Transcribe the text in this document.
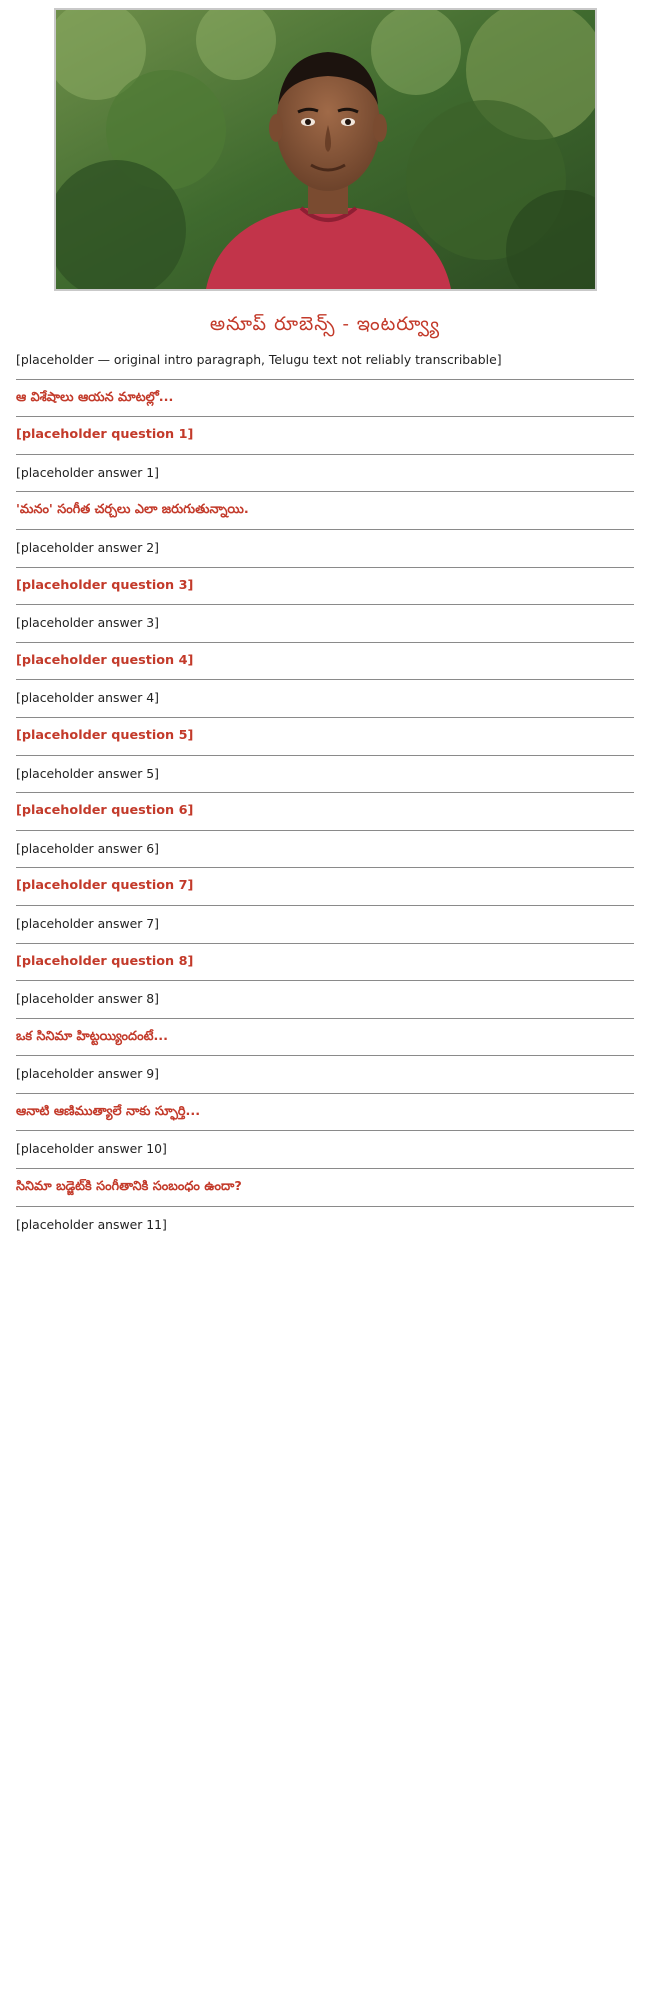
అనూప్ రూబెన్స్ - ఇంటర్వ్యూ

[placeholder — original intro paragraph, Telugu text not reliably transcribable]

ఆ విశేషాలు ఆయన మాటల్లో...

[placeholder question 1]

[placeholder answer 1]

'మనం' సంగీత చర్చలు ఎలా జరుగుతున్నాయి.

[placeholder answer 2]

[placeholder question 3]

[placeholder answer 3]

[placeholder question 4]

[placeholder answer 4]

[placeholder question 5]

[placeholder answer 5]

[placeholder question 6]

[placeholder answer 6]

[placeholder question 7]

[placeholder answer 7]

[placeholder question 8]

[placeholder answer 8]

ఒక సినిమా హిట్టయ్యిందంటే...

[placeholder answer 9]

ఆనాటి ఆణిముత్యాలే నాకు స్ఫూర్తి...

[placeholder answer 10]

సినిమా బడ్జెట్‌కి సంగీతానికి సంబంధం ఉందా?

[placeholder answer 11]
